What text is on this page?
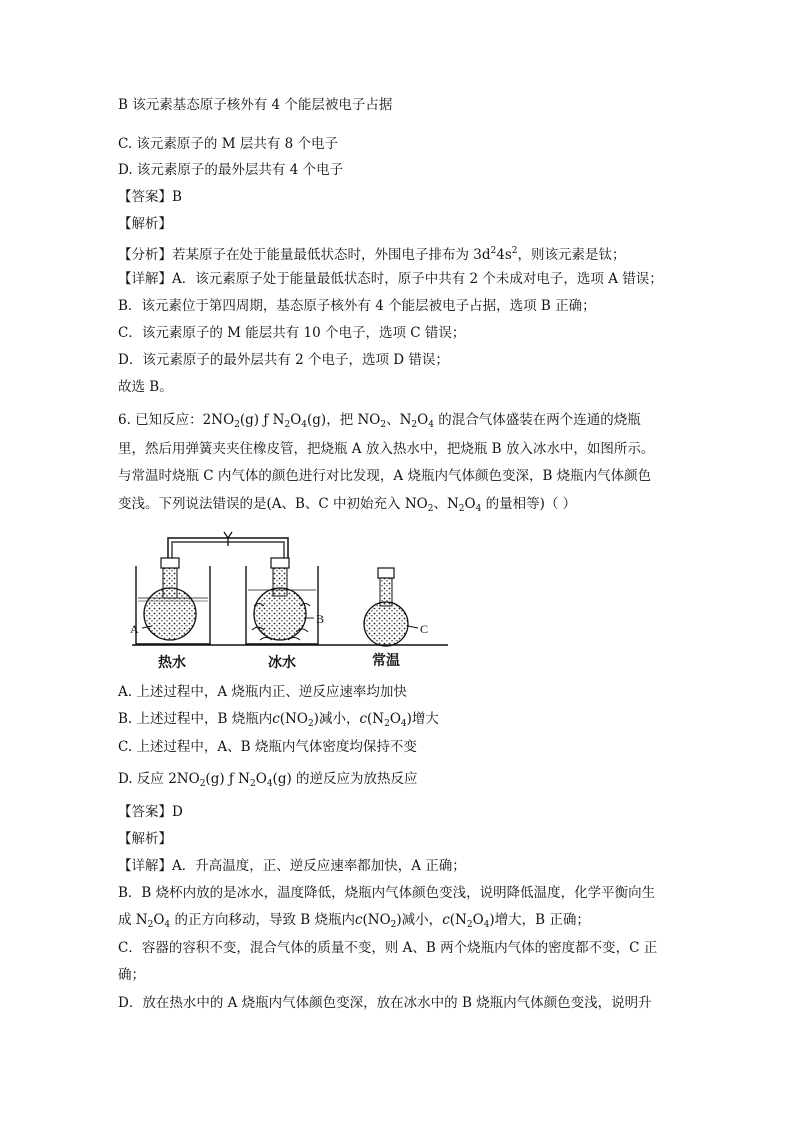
B 该元素基态原子核外有 4 个能层被电子占据
C. 该元素原子的 M 层共有 8 个电子
D. 该元素原子的最外层共有 4 个电子
【答案】B
【解析】
【分析】若某原子在处于能量最低状态时，外围电子排布为 $3d^24s^2$，则该元素是钛；
【详解】A．该元素原子处于能量最低状态时，原子中共有 2 个未成对电子，选项 A 错误；
B．该元素位于第四周期，基态原子核外有 4 个能层被电子占据，选项 B 正确；
C．该元素原子的 M 能层共有 10 个电子，选项 C 错误；
D．该元素原子的最外层共有 2 个电子，选项 D 错误；
故选 B。
6. 已知反应：$2NO_2(g)$ ƒ $N_2O_4(g)$，把 $NO_2$、$N_2O_4$ 的混合气体盛装在两个连通的烧瓶
里，然后用弹簧夹夹住橡皮管，把烧瓶 A 放入热水中，把烧瓶 B 放入冰水中，如图所示。
与常温时烧瓶 C 内气体的颜色进行对比发现，A 烧瓶内气体颜色变深，B 烧瓶内气体颜色
变浅。下列说法错误的是(A、B、C 中初始充入 $NO_2$、$N_2O_4$ 的量相等)（ ）
A. 上述过程中，A 烧瓶内正、逆反应速率均加快
B. 上述过程中，B 烧瓶内$c(NO_2)$减小，$c(N_2O_4)$增大
C. 上述过程中，A、B 烧瓶内气体密度均保持不变
D. 反应 $2NO_2(g)$ ƒ $N_2O_4(g)$ 的逆反应为放热反应
【答案】D
【解析】
【详解】A．升高温度，正、逆反应速率都加快，A 正确；
B．B 烧杯内放的是冰水，温度降低，烧瓶内气体颜色变浅，说明降低温度，化学平衡向生
成 $N_2O_4$ 的正方向移动，导致 B 烧瓶内$c(NO_2)$减小，$c(N_2O_4)$增大，B 正确；
C．容器的容积不变，混合气体的质量不变，则 A、B 两个烧瓶内气体的密度都不变，C 正
确；
D．放在热水中的 A 烧瓶内气体颜色变深，放在冰水中的 B 烧瓶内气体颜色变浅，说明升
A
B
C
热水	冰水	常温
